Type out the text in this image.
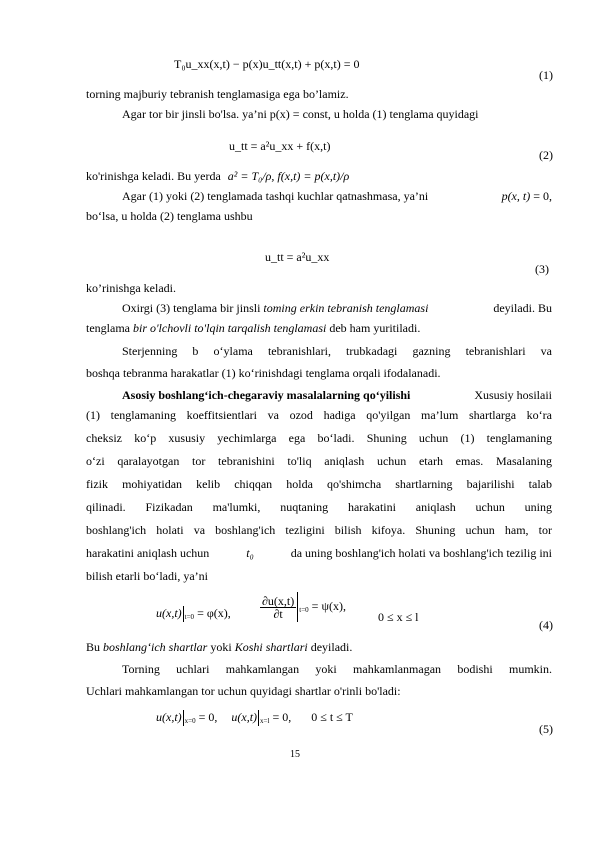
T₀u_xx(x,t) − p(x)u_tt(x,t) + p(x,t) = 0
(1)
torning majburiy tebranish tenglamasiga ega bo’lamiz.
Agar tor bir jinsli bo'lsa. ya’ni p(x) = const, u holda (1) tenglama quyidagi
u_tt = a²u_xx + f(x,t)
(2)
ko'rinishga keladi. Bu yerda a² = T₀/ρ, f(x,t) = p(x,t)/ρ
Agar (1) yoki (2) tenglamada tashqi kuchlar qatnashmasa, ya’ni	p(x, t) = 0,
bo‘lsa, u holda (2) tenglama ushbu
u_tt = a²u_xx
(3)
ko’rinishga keladi.
Oxirgi (3) tenglama bir jinsli toming erkin tebranish tenglamasi	deyiladi. Bu
tenglama bir o'lchovli to'lqin tarqalish tenglamasi deb ham yuritiladi.
Sterjenning b o‘ylama tebranishlari, trubkadagi gazning tebranishlari va
boshqa tebranma harakatlar (1) ko‘rinishdagi tenglama orqali ifodalanadi.
Asosiy boshlang‘ich-chegaraviy masalalarning qo‘yilishi	Xususiy hosilaii
(1) tenglamaning koeffitsientlari va ozod hadiga qo'yilgan ma’lum shartlarga ko‘ra
cheksiz ko‘p xususiy yechimlarga ega bo‘ladi. Shuning uchun (1) tenglamaning
o‘zi qaralayotgan tor tebranishini to'liq aniqlash uchun etarh emas. Masalaning
fizik mohiyatidan kelib chiqqan holda qo'shimcha shartlarning bajarilishi talab
qilinadi. Fizikadan ma'lumki, nuqtaning harakatini aniqlash uchun uning
boshlang'ich holati va boshlang'ich tezligini bilish kifoya. Shuning uchun ham, tor
harakatini aniqlash uchun	t₀	da uning boshlang'ich holati va boshlang'ich tezilig ini
bilish etarli bo‘ladi, ya’ni
u(x,t) $_{t=0}$ = φ(x), $\frac{\partial u(x,t)}{\partial t} _{t=0} = \psi(x)$,
0 ≤ x ≤ l
(4)
Bu boshlang‘ich shartlar yoki Koshi shartlari deyiladi.
Torning uchlari mahkamlangan yoki mahkamlanmagan bodishi mumkin.
Uchlari mahkamlangan tor uchun quyidagi shartlar o'rinli bo'ladi:
u(x,t) $_{x=0}$ = 0, u(x,t) $_{x=l}$ = 0, 0 ≤ t ≤ T
(5)
15
